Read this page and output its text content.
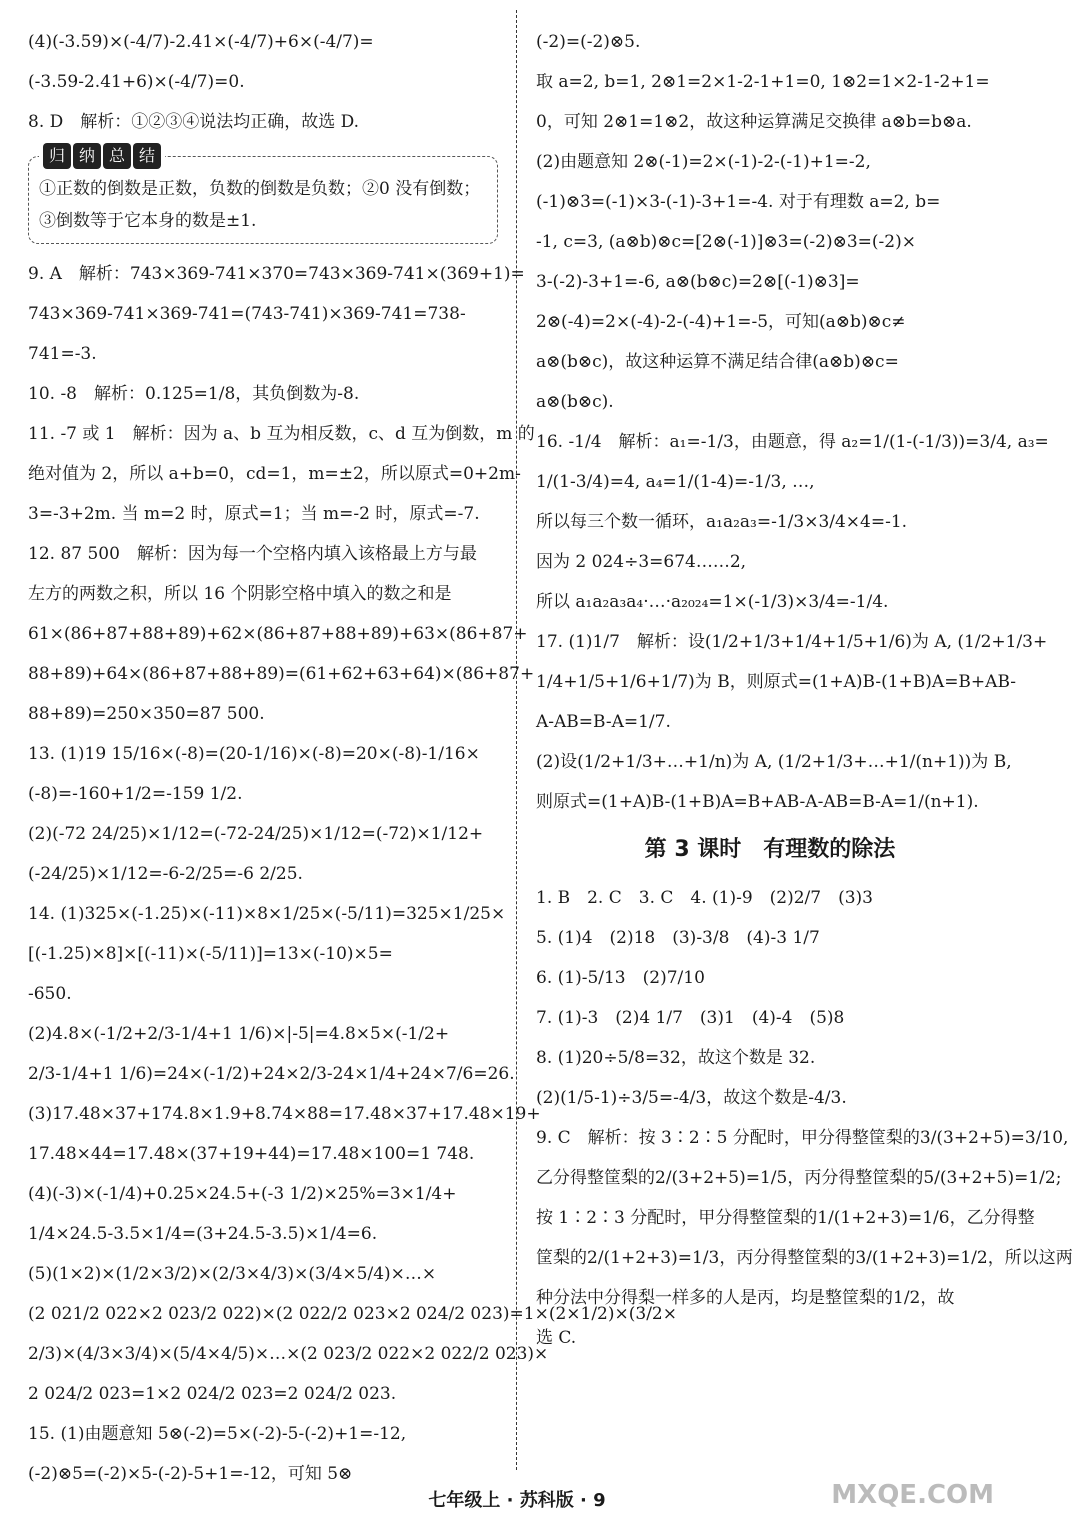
(4)(-3.59)×(-4/7)-2.41×(-4/7)+6×(-4/7)=
(-3.59-2.41+6)×(-4/7)=0.
8. D　解析：①②③④说法均正确，故选 D.
归 纳 总 结
①正数的倒数是正数，负数的倒数是负数；②0 没有倒数；
③倒数等于它本身的数是±1.
9. A　解析：743×369-741×370=743×369-741×(369+1)=
743×369-741×369-741=(743-741)×369-741=738-
741=-3.
10. -8　解析：0.125=1/8，其负倒数为-8.
11. -7 或 1　解析：因为 a、b 互为相反数，c、d 互为倒数，m 的
绝对值为 2，所以 a+b=0，cd=1，m=±2，所以原式=0+2m-
3=-3+2m. 当 m=2 时，原式=1；当 m=-2 时，原式=-7.
12. 87 500　解析：因为每一个空格内填入该格最上方与最
左方的两数之积，所以 16 个阴影空格中填入的数之和是
61×(86+87+88+89)+62×(86+87+88+89)+63×(86+87+
88+89)+64×(86+87+88+89)=(61+62+63+64)×(86+87+
88+89)=250×350=87 500.
13. (1)19 15/16×(-8)=(20-1/16)×(-8)=20×(-8)-1/16×
(-8)=-160+1/2=-159 1/2.
(2)(-72 24/25)×1/12=(-72-24/25)×1/12=(-72)×1/12+
(-24/25)×1/12=-6-2/25=-6 2/25.
14. (1)325×(-1.25)×(-11)×8×1/25×(-5/11)=325×1/25×
[(-1.25)×8]×[(-11)×(-5/11)]=13×(-10)×5=
-650.
(2)4.8×(-1/2+2/3-1/4+1 1/6)×|-5|=4.8×5×(-1/2+
2/3-1/4+1 1/6)=24×(-1/2)+24×2/3-24×1/4+24×7/6=26.
(3)17.48×37+174.8×1.9+8.74×88=17.48×37+17.48×19+
17.48×44=17.48×(37+19+44)=17.48×100=1 748.
(4)(-3)×(-1/4)+0.25×24.5+(-3 1/2)×25%=3×1/4+
1/4×24.5-3.5×1/4=(3+24.5-3.5)×1/4=6.
(5)(1×2)×(1/2×3/2)×(2/3×4/3)×(3/4×5/4)×…×
(2 021/2 022×2 023/2 022)×(2 022/2 023×2 024/2 023)=1×(2×1/2)×(3/2×
2/3)×(4/3×3/4)×(5/4×4/5)×…×(2 023/2 022×2 022/2 023)×
2 024/2 023=1×2 024/2 023=2 024/2 023.
15. (1)由题意知 5⊗(-2)=5×(-2)-5-(-2)+1=-12,
(-2)⊗5=(-2)×5-(-2)-5+1=-12，可知 5⊗
(-2)=(-2)⊗5.
取 a=2, b=1, 2⊗1=2×1-2-1+1=0, 1⊗2=1×2-1-2+1=
0，可知 2⊗1=1⊗2，故这种运算满足交换律 a⊗b=b⊗a.
(2)由题意知 2⊗(-1)=2×(-1)-2-(-1)+1=-2,
(-1)⊗3=(-1)×3-(-1)-3+1=-4. 对于有理数 a=2, b=
-1, c=3, (a⊗b)⊗c=[2⊗(-1)]⊗3=(-2)⊗3=(-2)×
3-(-2)-3+1=-6, a⊗(b⊗c)=2⊗[(-1)⊗3]=
2⊗(-4)=2×(-4)-2-(-4)+1=-5，可知(a⊗b)⊗c≠
a⊗(b⊗c)，故这种运算不满足结合律(a⊗b)⊗c=
a⊗(b⊗c).
16. -1/4　解析：a₁=-1/3，由题意，得 a₂=1/(1-(-1/3))=3/4, a₃=
1/(1-3/4)=4, a₄=1/(1-4)=-1/3, …,
所以每三个数一循环，a₁a₂a₃=-1/3×3/4×4=-1.
因为 2 024÷3=674……2,
所以 a₁a₂a₃a₄·…·a₂₀₂₄=1×(-1/3)×3/4=-1/4.
17. (1)1/7　解析：设(1/2+1/3+1/4+1/5+1/6)为 A, (1/2+1/3+
1/4+1/5+1/6+1/7)为 B，则原式=(1+A)B-(1+B)A=B+AB-
A-AB=B-A=1/7.
(2)设(1/2+1/3+…+1/n)为 A, (1/2+1/3+…+1/(n+1))为 B,
则原式=(1+A)B-(1+B)A=B+AB-A-AB=B-A=1/(n+1).
第 3 课时　有理数的除法
1. B　2. C　3. C　4. (1)-9　(2)2/7　(3)3
5. (1)4　(2)18　(3)-3/8　(4)-3 1/7
6. (1)-5/13　(2)7/10
7. (1)-3　(2)4 1/7　(3)1　(4)-4　(5)8
8. (1)20÷5/8=32，故这个数是 32.
(2)(1/5-1)÷3/5=-4/3，故这个数是-4/3.
9. C　解析：按 3∶2∶5 分配时，甲分得整筐梨的3/(3+2+5)=3/10,
乙分得整筐梨的2/(3+2+5)=1/5，丙分得整筐梨的5/(3+2+5)=1/2;
按 1∶2∶3 分配时，甲分得整筐梨的1/(1+2+3)=1/6，乙分得整
筐梨的2/(1+2+3)=1/3，丙分得整筐梨的3/(1+2+3)=1/2，所以这两
种分法中分得梨一样多的人是丙，均是整筐梨的1/2，故
选 C.
七年级上 · 苏科版 · 9	MXQE.COM
